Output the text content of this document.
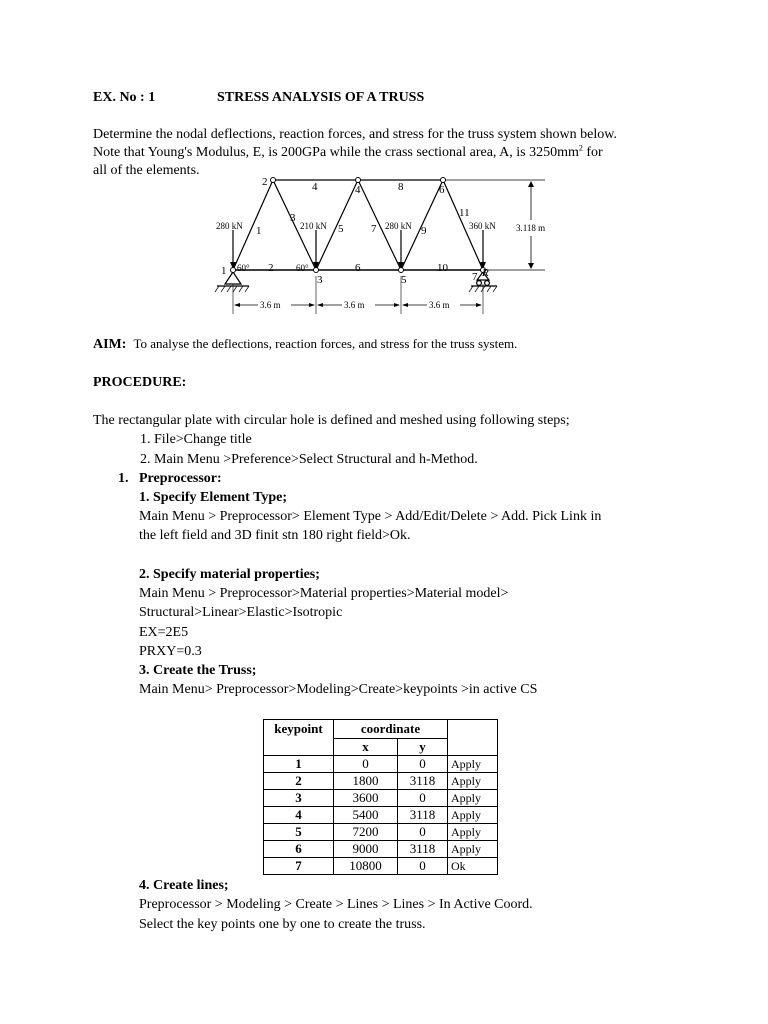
EX. No : 1	STRESS ANALYSIS OF A TRUSS
Determine the nodal deflections, reaction forces, and stress for the truss system shown below.
Note that Young's Modulus, E, is 200GPa while the crass sectional area, A, is $3250mm^2$ for
all of the elements.
2
1
3
4
5
6
7
1
2
3
4
5
6
7
8
9
10
11
R
280 kN	210 kN	280 kN	360 kN 3.118 m
60°	60°
3.6 m	3.6 m	3.6 m
AIM: To analyse the deflections, reaction forces, and stress for the truss system.
PROCEDURE:
The rectangular plate with circular hole is defined and meshed using following steps;
1. File>Change title
2. Main Menu >Preference>Select Structural and h-Method.
1. Preprocessor:
1. Specify Element Type;
Main Menu > Preprocessor> Element Type > Add/Edit/Delete > Add. Pick Link in
the left field and 3D finit stn 180 right field>Ok.
2. Specify material properties;
Main Menu > Preprocessor>Material properties>Material model>
Structural>Linear>Elastic>Isotropic
EX=2E5
PRXY=0.3
3. Create the Truss;
Main Menu> Preprocessor>Modeling>Create>keypoints >in active CS
keypoint	coordinate		
	x	y	
1	0	0	Apply
2	1800	3118	Apply
3	3600	0	Apply
4	5400	3118	Apply
5	7200	0	Apply
6	9000	3118	Apply
7	10800	0	Ok
4. Create lines;
Preprocessor > Modeling > Create > Lines > Lines > In Active Coord.
Select the key points one by one to create the truss.
